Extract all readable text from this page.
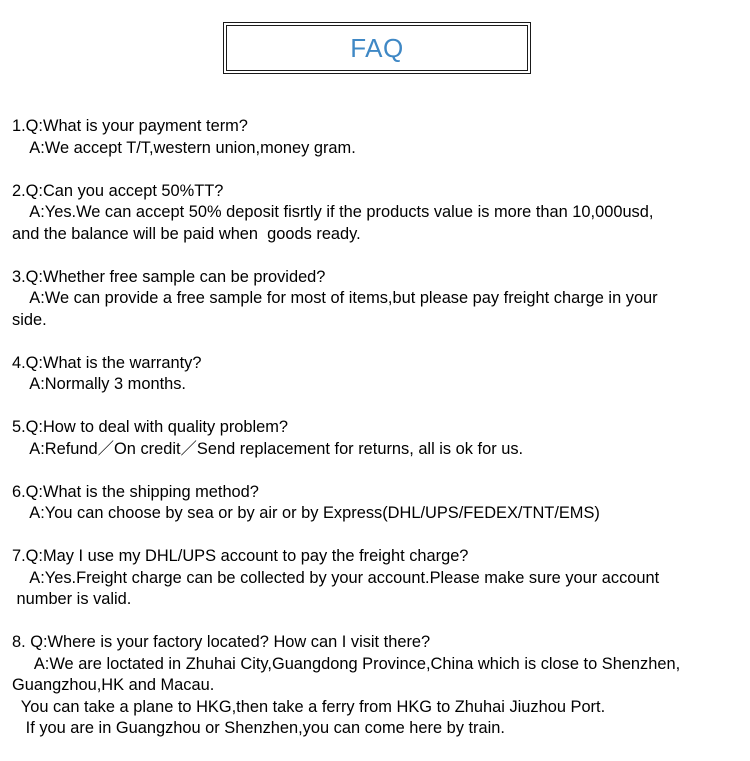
FAQ
1.Q:What is your payment term?
A:We accept T/T,western union,money gram.
2.Q:Can you accept 50%TT?
A:Yes.We can accept 50% deposit fisrtly if the products value is more than 10,000usd,
and the balance will be paid when  goods ready.
3.Q:Whether free sample can be provided?
A:We can provide a free sample for most of items,but please pay freight charge in your
side.
4.Q:What is the warranty?
A:Normally 3 months.
5.Q:How to deal with quality problem?
A:Refund／On credit／Send replacement for returns, all is ok for us.
6.Q:What is the shipping method?
A:You can choose by sea or by air or by Express(DHL/UPS/FEDEX/TNT/EMS)
7.Q:May I use my DHL/UPS account to pay the freight charge?
A:Yes.Freight charge can be collected by your account.Please make sure your account
number is valid.
8. Q:Where is your factory located? How can I visit there?
A:We are loctated in Zhuhai City,Guangdong Province,China which is close to Shenzhen,
Guangzhou,HK and Macau.
You can take a plane to HKG,then take a ferry from HKG to Zhuhai Jiuzhou Port.
If you are in Guangzhou or Shenzhen,you can come here by train.
